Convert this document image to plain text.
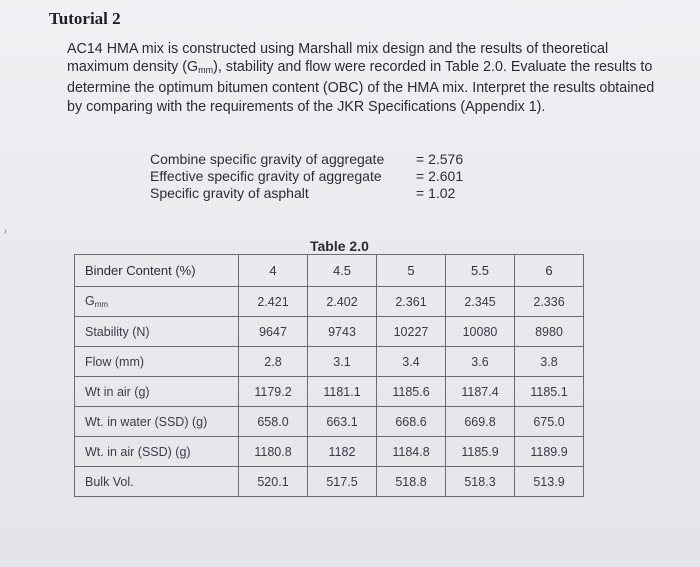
›
Tutorial 2
AC14 HMA mix is constructed using Marshall mix design and the results of theoretical maximum density $(G_{mm})$, stability and flow were recorded in Table 2.0. Evaluate the results to determine the optimum bitumen content (OBC) of the HMA mix. Interpret the results obtained by comparing with the requirements of the JKR Specifications (Appendix 1).
Combine specific gravity of aggregate	= 2.576
Effective specific gravity of aggregate	= 2.601
Specific gravity of asphalt	= 1.02
Table 2.0
Binder Content (%)	4	4.5	5	5.5	6
Gmm	2.421	2.402	2.361	2.345	2.336
Stability (N)	9647	9743	10227	10080	8980
Flow (mm)	2.8	3.1	3.4	3.6	3.8
Wt in air (g)	1179.2	1181.1	1185.6	1187.4	1185.1
Wt. in water (SSD) (g)	658.0	663.1	668.6	669.8	675.0
Wt. in air (SSD) (g)	1180.8	1182	1184.8	1185.9	1189.9
Bulk Vol.	520.1	517.5	518.8	518.3	513.9
